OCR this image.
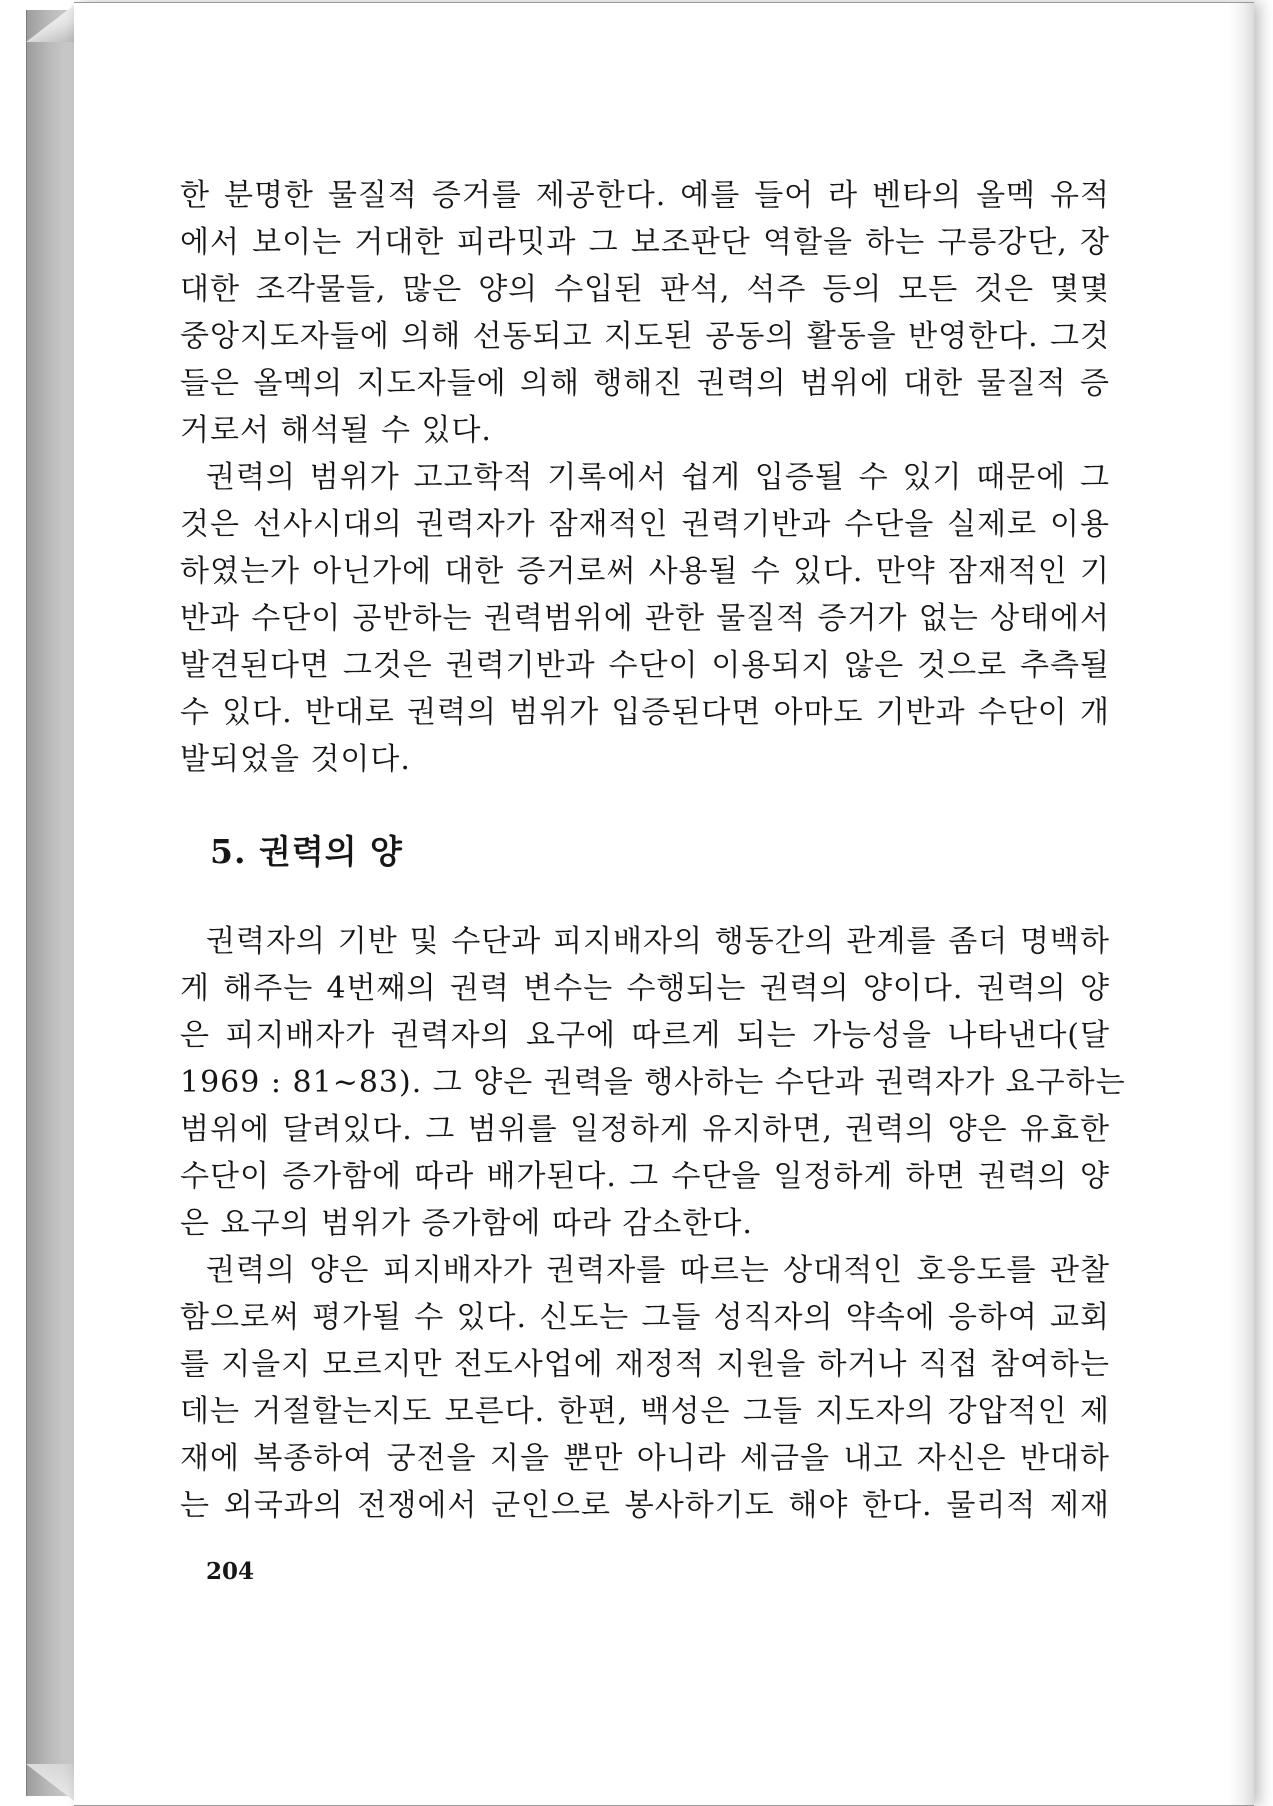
한 분명한 물질적 증거를 제공한다. 예를 들어 라 벤타의 올멕 유적
에서 보이는 거대한 피라밋과 그 보조판단 역할을 하는 구릉강단, 장
대한 조각물들, 많은 양의 수입된 판석, 석주 등의 모든 것은 몇몇
중앙지도자들에 의해 선동되고 지도된 공동의 활동을 반영한다. 그것
들은 올멕의 지도자들에 의해 행해진 권력의 범위에 대한 물질적 증
거로서 해석될 수 있다.
권력의 범위가 고고학적 기록에서 쉽게 입증될 수 있기 때문에 그
것은 선사시대의 권력자가 잠재적인 권력기반과 수단을 실제로 이용
하였는가 아닌가에 대한 증거로써 사용될 수 있다. 만약 잠재적인 기
반과 수단이 공반하는 권력범위에 관한 물질적 증거가 없는 상태에서
발견된다면 그것은 권력기반과 수단이 이용되지 않은 것으로 추측될
수 있다. 반대로 권력의 범위가 입증된다면 아마도 기반과 수단이 개
발되었을 것이다.
5. 권력의 양
권력자의 기반 및 수단과 피지배자의 행동간의 관계를 좀더 명백하
게 해주는 4번째의 권력 변수는 수행되는 권력의 양이다. 권력의 양
은 피지배자가 권력자의 요구에 따르게 되는 가능성을 나타낸다(달
1969 : 81~83). 그 양은 권력을 행사하는 수단과 권력자가 요구하는
범위에 달려있다. 그 범위를 일정하게 유지하면, 권력의 양은 유효한
수단이 증가함에 따라 배가된다. 그 수단을 일정하게 하면 권력의 양
은 요구의 범위가 증가함에 따라 감소한다.
권력의 양은 피지배자가 권력자를 따르는 상대적인 호응도를 관찰
함으로써 평가될 수 있다. 신도는 그들 성직자의 약속에 응하여 교회
를 지을지 모르지만 전도사업에 재정적 지원을 하거나 직접 참여하는
데는 거절할는지도 모른다. 한편, 백성은 그들 지도자의 강압적인 제
재에 복종하여 궁전을 지을 뿐만 아니라 세금을 내고 자신은 반대하
는 외국과의 전쟁에서 군인으로 봉사하기도 해야 한다. 물리적 제재
204
